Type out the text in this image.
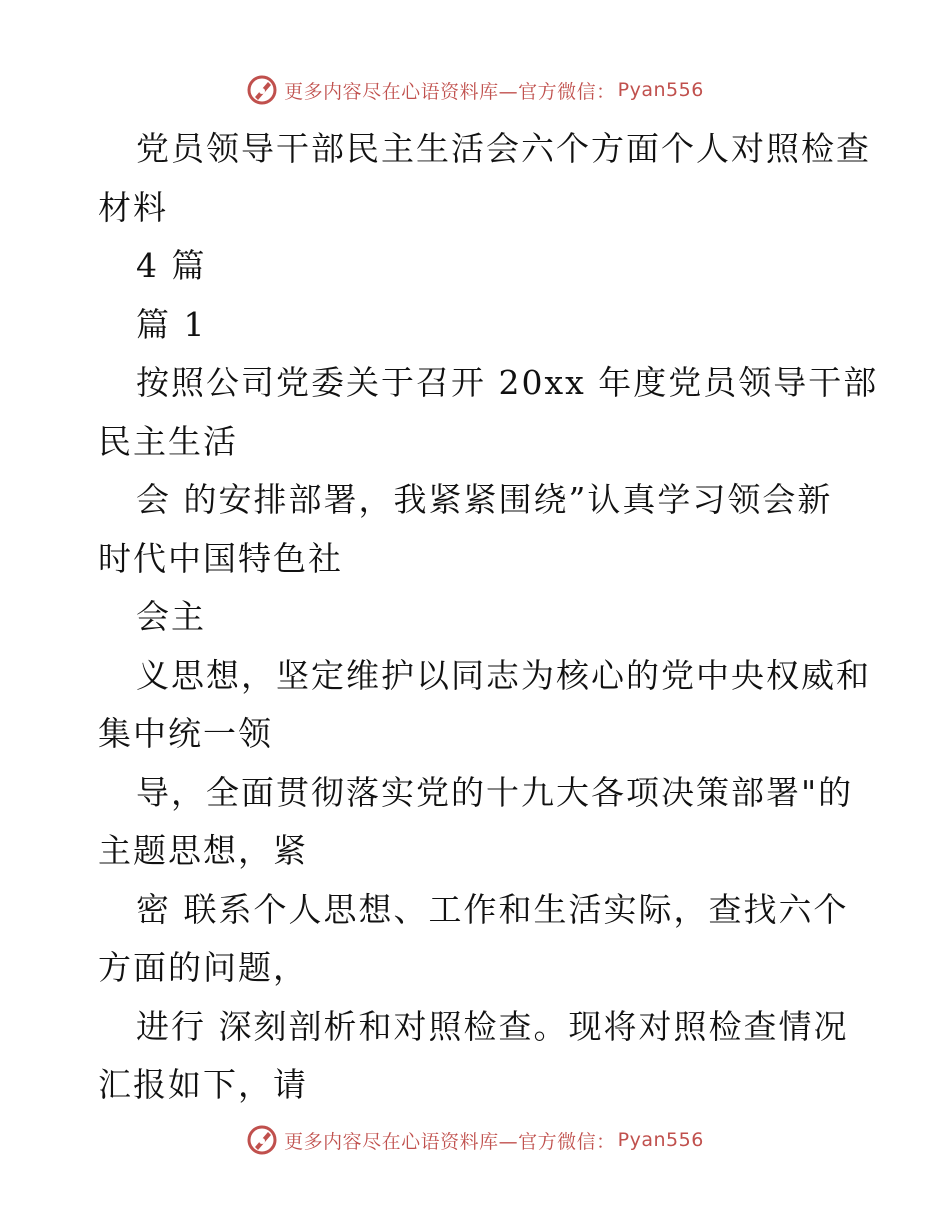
更多内容尽在心语资料库—官方微信： Pyan556
党员领导干部民主生活会六个方面个人对照检查
材料
4 篇
篇 1
按照公司党委关于召开 20xx 年度党员领导干部
民主生活
会 的安排部署，我紧紧围绕”认真学习领会新
时代中国特色社
会主
义思想，坚定维护以同志为核心的党中央权威和
集中统一领
导，全面贯彻落实党的十九大各项决策部署"的
主题思想，紧
密 联系个人思想、工作和生活实际，查找六个
方面的问题，
进行 深刻剖析和对照检查。现将对照检查情况
汇报如下，请
更多内容尽在心语资料库—官方微信： Pyan556
